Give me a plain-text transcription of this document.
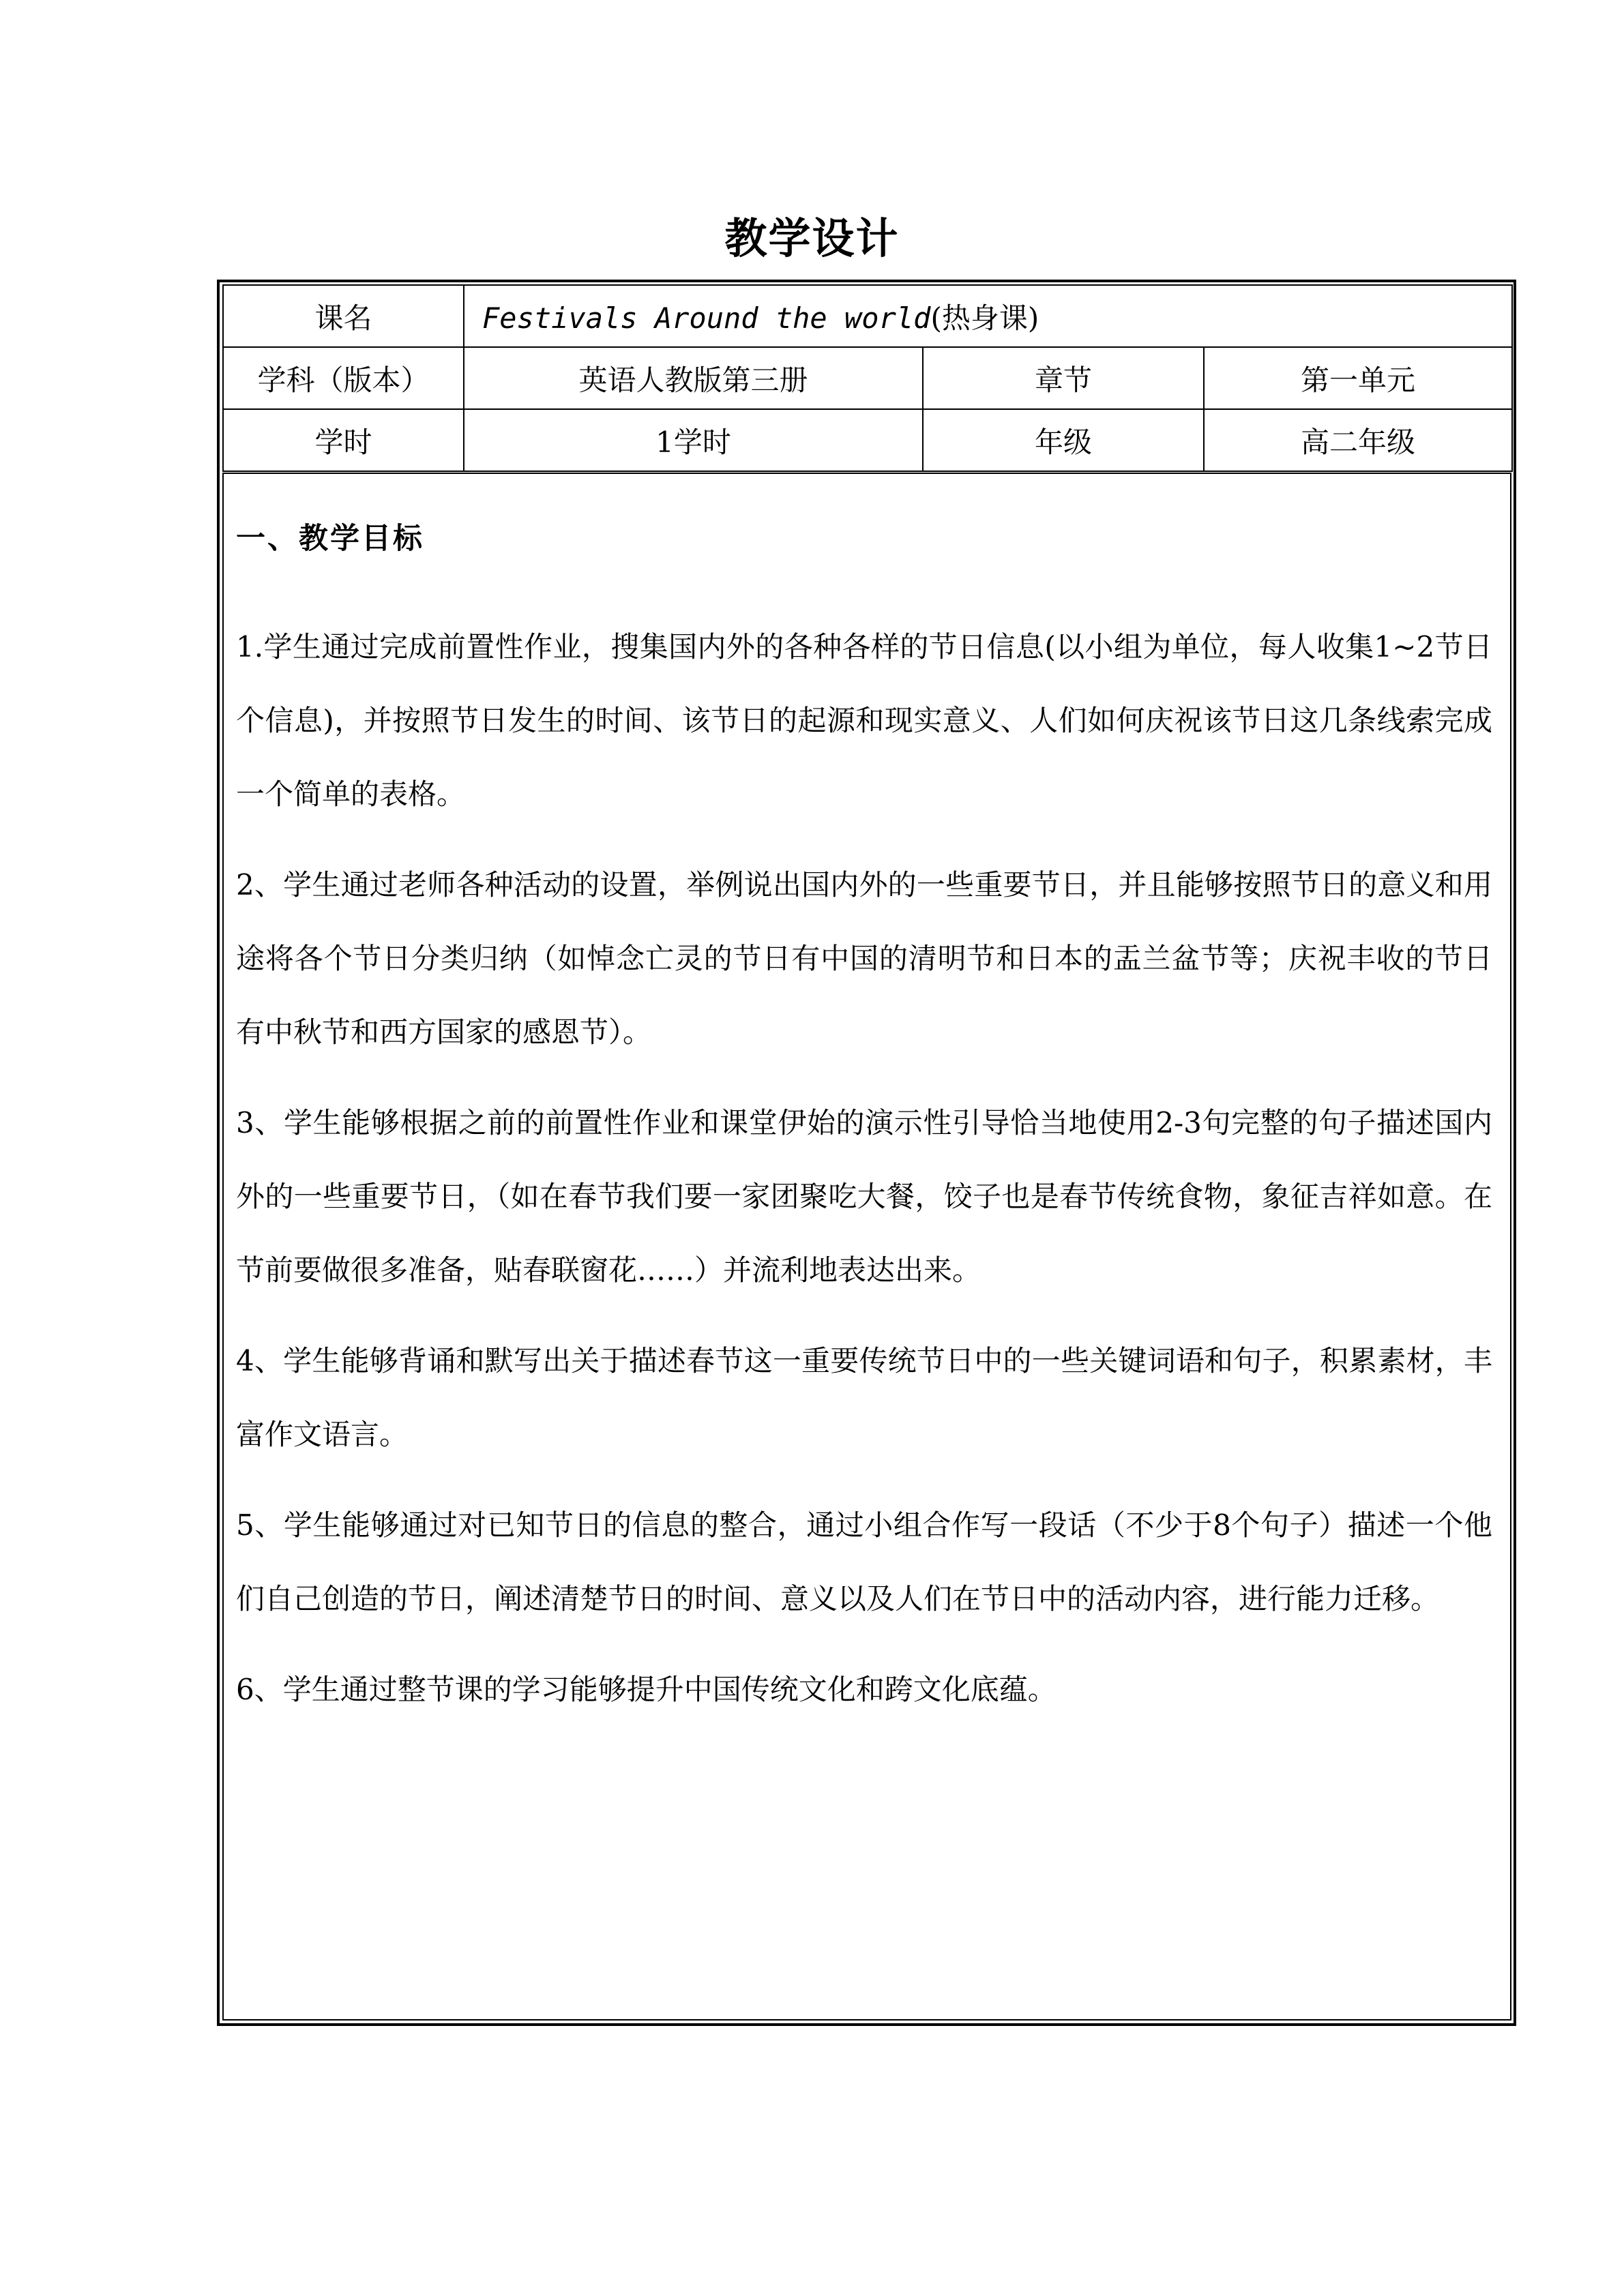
教学设计
课名	Festivals Around the world(热身课)		
学科（版本）	英语人教版第三册	章节	第一单元
学时	1学时	年级	高二年级
一、教学目标

1.学生通过完成前置性作业，搜集国内外的各种各样的节日信息(以小组为单位，每人收集1~2节日个信息)，并按照节日发生的时间、该节日的起源和现实意义、人们如何庆祝该节日这几条线索完成一个简单的表格。

2、学生通过老师各种活动的设置，举例说出国内外的一些重要节日，并且能够按照节日的意义和用途将各个节日分类归纳（如悼念亡灵的节日有中国的清明节和日本的盂兰盆节等；庆祝丰收的节日有中秋节和西方国家的感恩节）。

3、学生能够根据之前的前置性作业和课堂伊始的演示性引导恰当地使用2-3句完整的句子描述国内外的一些重要节日，（如在春节我们要一家团聚吃大餐，饺子也是春节传统食物，象征吉祥如意。在节前要做很多准备，贴春联窗花……）并流利地表达出来。

4、学生能够背诵和默写出关于描述春节这一重要传统节日中的一些关键词语和句子，积累素材，丰富作文语言。

5、学生能够通过对已知节日的信息的整合，通过小组合作写一段话（不少于8个句子）描述一个他们自己创造的节日，阐述清楚节日的时间、意义以及人们在节日中的活动内容，进行能力迁移。

6、学生通过整节课的学习能够提升中国传统文化和跨文化底蕴。
